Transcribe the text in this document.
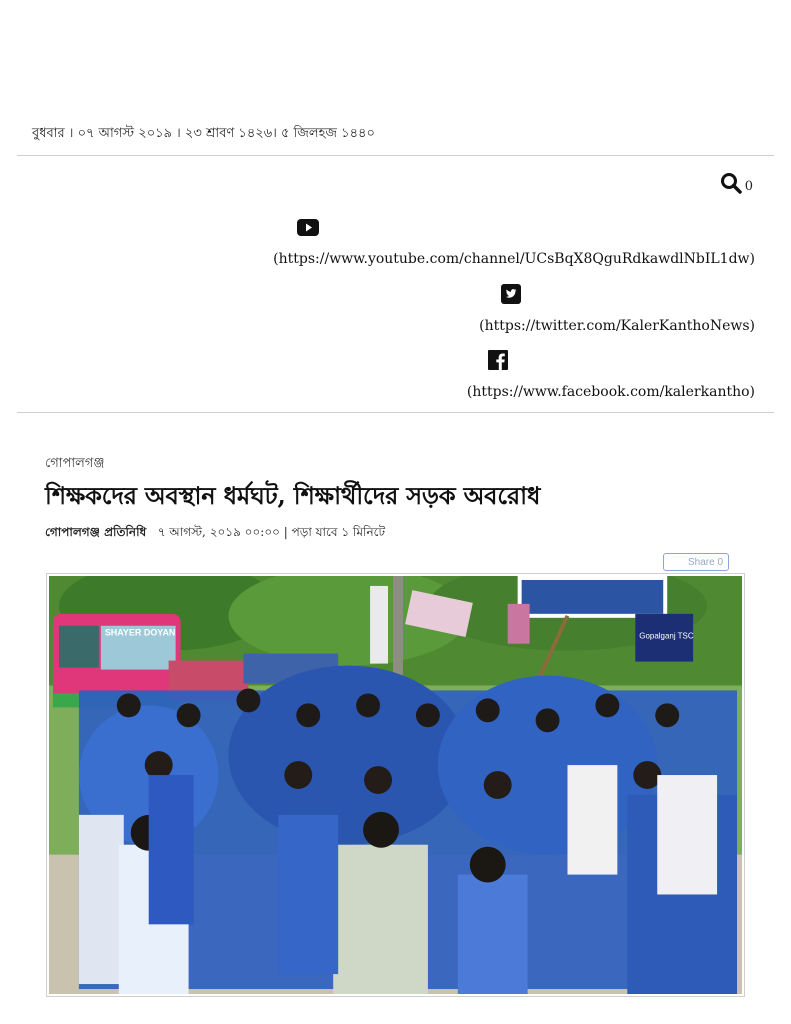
বুধবার । ০৭ আগস্ট ২০১৯ । ২৩ শ্রাবণ ১৪২৬। ৫ জিলহজ ১৪৪০
0
(https://www.youtube.com/channel/UCsBqX8QguRdkawdlNbIL1dw)
(https://twitter.com/KalerKanthoNews)
(https://www.facebook.com/kalerkantho)
গোপালগঞ্জ
শিক্ষকদের অবস্থান ধর্মঘট, শিক্ষার্থীদের সড়ক অবরোধ
গোপালগঞ্জ প্রতিনিধি ৭ আগস্ট, ২০১৯ ০০:০০ | পড়া যাবে ১ মিনিটে
Share
0
SHAYER DOYAN	Gopalganj TSC
